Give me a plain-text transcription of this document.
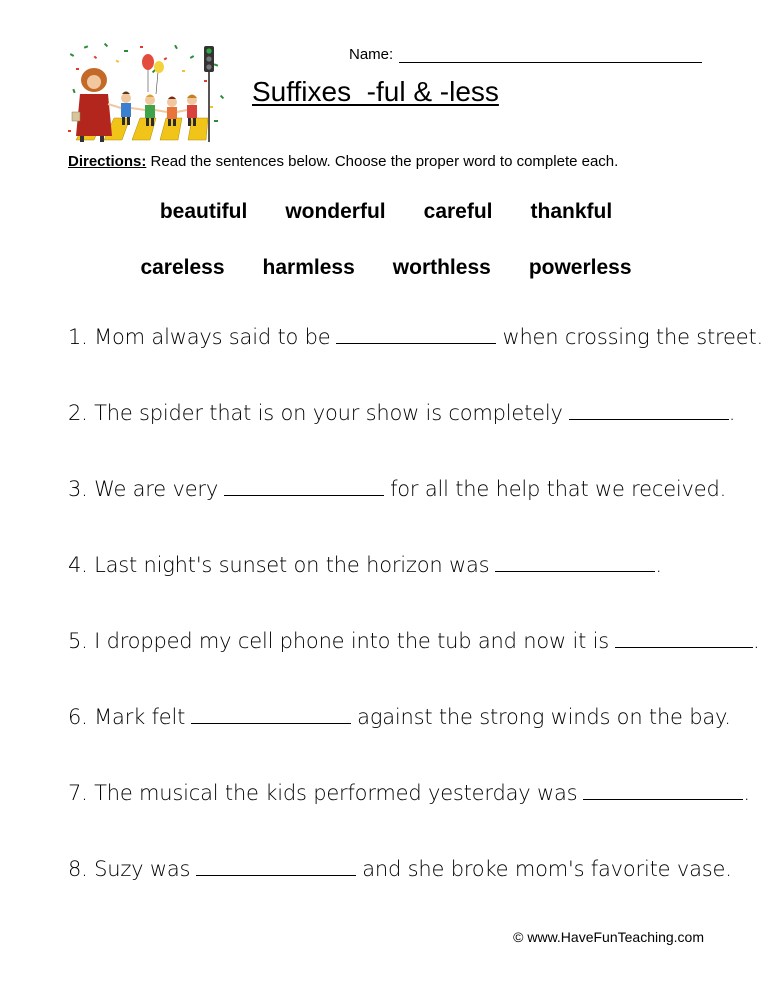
Name:
Suffixes  -ful & -less
Directions: Read the sentences below. Choose the proper word to complete each.
beautiful wonderful careful thankful
careless harmless worthless powerless
1. Mom always said to be	when crossing the street.
2. The spider that is on your show is completely	.
3. We are very	for all the help that we received.
4. Last night's sunset on the horizon was	.
5. I dropped my cell phone into the tub and now it is	.
6. Mark felt	against the strong winds on the bay.
7. The musical the kids performed yesterday was	.
8. Suzy was	and she broke mom's favorite vase.
© www.HaveFunTeaching.com
